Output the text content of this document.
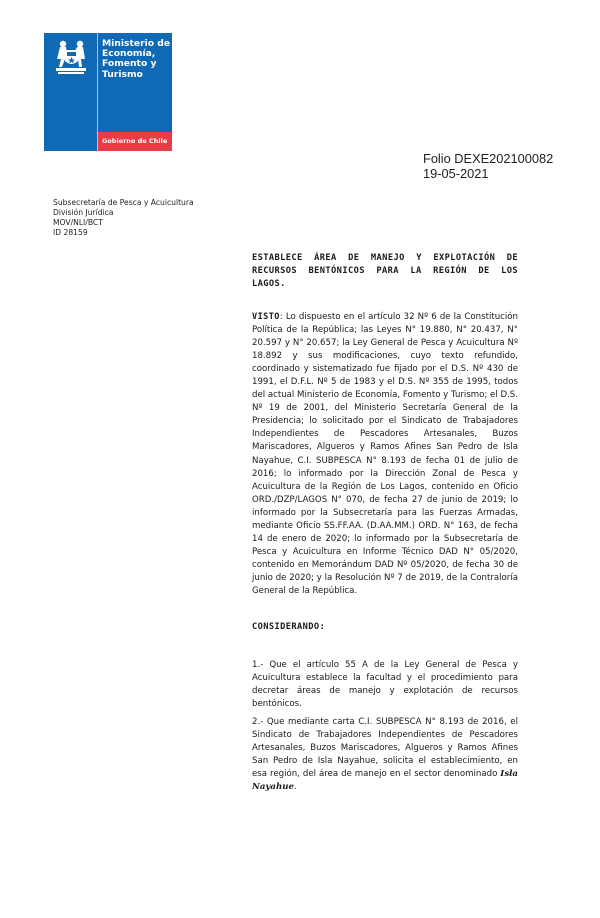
Ministerio de
Economía,
Fomento y
Turismo
Gobierno de Chile
Folio DEXE202100082
19-05-2021
Subsecretaría de Pesca y Acuicultura
División Jurídica
MOV/NLI/BCT
ID 28159
ESTABLECE ÁREA DE MANEJO Y EXPLOTACIÓN DE RECURSOS BENTÓNICOS PARA LA REGIÓN DE LOS LAGOS.
VISTO: Lo dispuesto en el artículo 32 Nº 6 de la Constitución Política de la República; las Leyes N° 19.880, N° 20.437, N° 20.597 y N° 20.657; la Ley General de Pesca y Acuicultura Nº 18.892 y sus modificaciones, cuyo texto refundido, coordinado y sistematizado fue fijado por el D.S. Nº 430 de 1991, el D.F.L. Nº 5 de 1983 y el D.S. Nº 355 de 1995, todos del actual Ministerio de Economía, Fomento y Turismo; el D.S. Nº 19 de 2001, del Ministerio Secretaría General de la Presidencia; lo solicitado por el Sindicato de Trabajadores Independientes de Pescadores Artesanales, Buzos Mariscadores, Algueros y Ramos Afines San Pedro de Isla Nayahue, C.I. SUBPESCA N° 8.193 de fecha 01 de julio de 2016; lo informado por la Dirección Zonal de Pesca y Acuicultura de la Región de Los Lagos, contenido en Oficio ORD./DZP/LAGOS N° 070, de fecha 27 de junio de 2019; lo informado por la Subsecretaría para las Fuerzas Armadas, mediante Oficio SS.FF.AA. (D.AA.MM.) ORD. N° 163, de fecha 14 de enero de 2020; lo informado por la Subsecretaría de Pesca y Acuicultura en Informe Técnico DAD N° 05/2020, contenido en Memorándum DAD Nº 05/2020, de fecha 30 de junio de 2020; y la Resolución Nº 7 de 2019, de la Contraloría General de la República.
CONSIDERANDO:
1.- Que el artículo 55 A de la Ley General de Pesca y Acuicultura establece la facultad y el procedimiento para decretar áreas de manejo y explotación de recursos bentónicos.
2.- Que mediante carta C.I. SUBPESCA N° 8.193 de 2016, el Sindicato de Trabajadores Independientes de Pescadores Artesanales, Buzos Mariscadores, Algueros y Ramos Afines San Pedro de Isla Nayahue, solicita el establecimiento, en esa región, del área de manejo en el sector denominado Isla Nayahue.
